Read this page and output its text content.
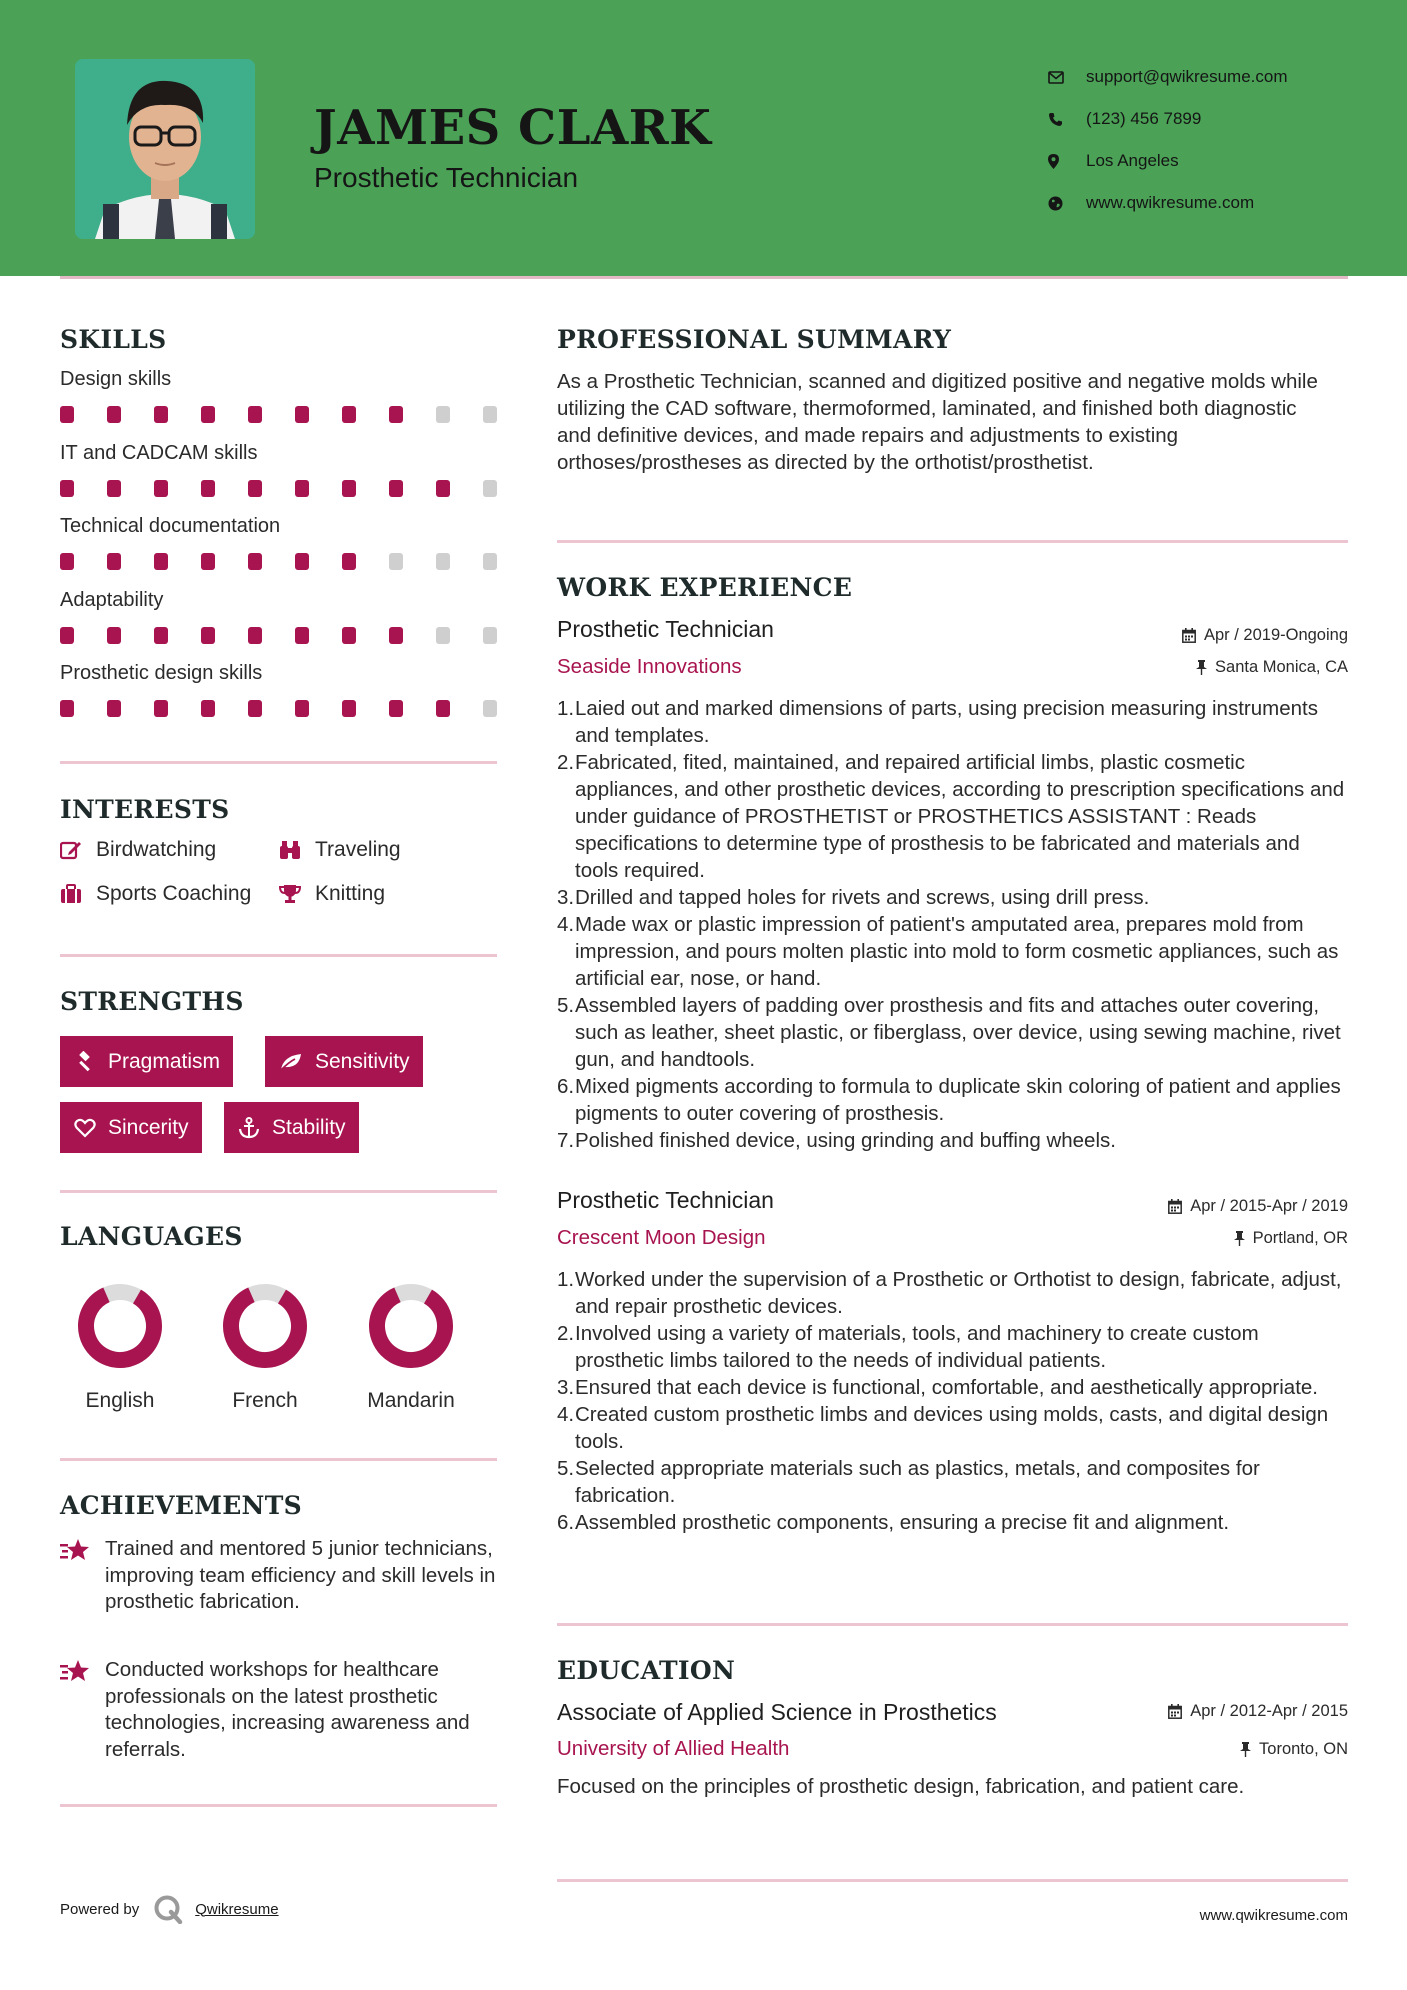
JAMES CLARK
Prosthetic Technician
support@qwikresume.com
(123) 456 7899
Los Angeles
www.qwikresume.com
SKILLS
Design skills
IT and CADCAM skills
Technical documentation
Adaptability
Prosthetic design skills
INTERESTS
Birdwatching	Traveling
Sports Coaching	Knitting
STRENGTHS
Pragmatism	Sensitivity
Sincerity	Stability
LANGUAGES
English	French	Mandarin
ACHIEVEMENTS
Trained and mentored 5 junior technicians, improving team efficiency and skill levels in prosthetic fabrication.
Conducted workshops for healthcare professionals on the latest prosthetic technologies, increasing awareness and referrals.
PROFESSIONAL SUMMARY
As a Prosthetic Technician, scanned and digitized positive and negative molds while utilizing the CAD software, thermoformed, laminated, and finished both diagnostic and definitive devices, and made repairs and adjustments to existing orthoses/prostheses as directed by the orthotist/prosthetist.
WORK EXPERIENCE
Prosthetic Technician	Apr / 2019-Ongoing
Seaside Innovations	Santa Monica, CA
1. Laied out and marked dimensions of parts, using precision measuring instruments and templates.
2. Fabricated, fited, maintained, and repaired artificial limbs, plastic cosmetic appliances, and other prosthetic devices, according to prescription specifications and under guidance of PROSTHETIST or PROSTHETICS ASSISTANT : Reads specifications to determine type of prosthesis to be fabricated and materials and tools required.
3. Drilled and tapped holes for rivets and screws, using drill press.
4. Made wax or plastic impression of patient's amputated area, prepares mold from impression, and pours molten plastic into mold to form cosmetic appliances, such as artificial ear, nose, or hand.
5. Assembled layers of padding over prosthesis and fits and attaches outer covering, such as leather, sheet plastic, or fiberglass, over device, using sewing machine, rivet gun, and handtools.
6. Mixed pigments according to formula to duplicate skin coloring of patient and applies pigments to outer covering of prosthesis.
7. Polished finished device, using grinding and buffing wheels.
Prosthetic Technician	Apr / 2015-Apr / 2019
Crescent Moon Design	Portland, OR
1. Worked under the supervision of a Prosthetic or Orthotist to design, fabricate, adjust, and repair prosthetic devices.
2. Involved using a variety of materials, tools, and machinery to create custom prosthetic limbs tailored to the needs of individual patients.
3. Ensured that each device is functional, comfortable, and aesthetically appropriate.
4. Created custom prosthetic limbs and devices using molds, casts, and digital design tools.
5. Selected appropriate materials such as plastics, metals, and composites for fabrication.
6. Assembled prosthetic components, ensuring a precise fit and alignment.
EDUCATION
Associate of Applied Science in Prosthetics	Apr / 2012-Apr / 2015
University of Allied Health	Toronto, ON
Focused on the principles of prosthetic design, fabrication, and patient care.
Powered by	Qwikresume	www.qwikresume.com
